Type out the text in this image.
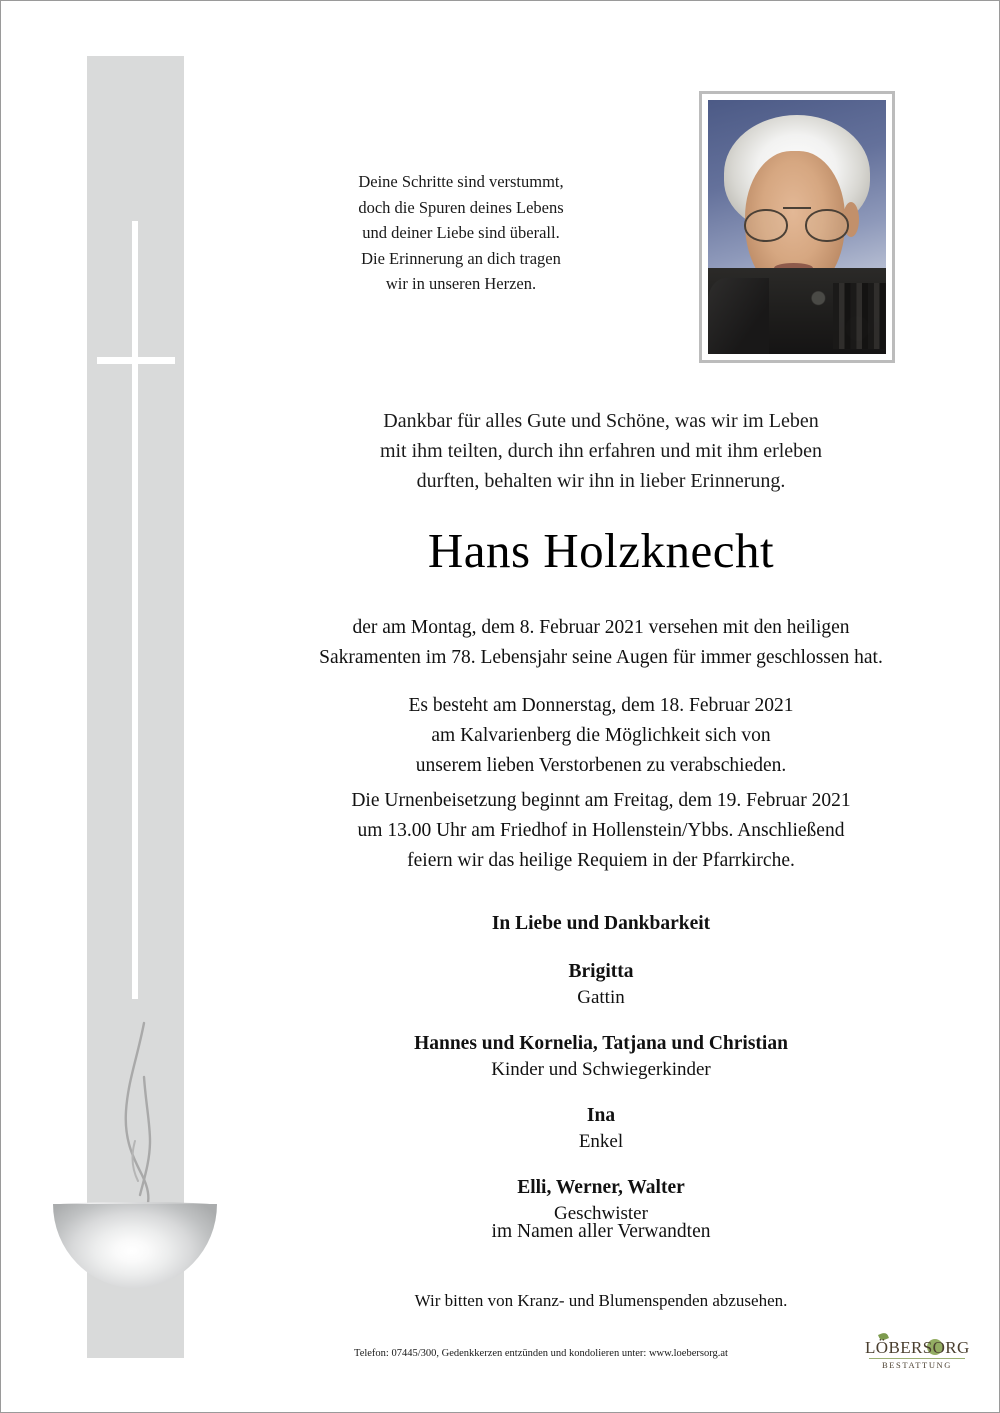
Deine Schritte sind verstummt,
doch die Spuren deines Lebens
und deiner Liebe sind überall.
Die Erinnerung an dich tragen
wir in unseren Herzen.
Dankbar für alles Gute und Schöne, was wir im Leben
mit ihm teilten, durch ihn erfahren und mit ihm erleben
durften, behalten wir ihn in lieber Erinnerung.
Hans Holzknecht
der am Montag, dem 8. Februar 2021 versehen mit den heiligen
Sakramenten im 78. Lebensjahr seine Augen für immer geschlossen hat.
Es besteht am Donnerstag, dem 18. Februar 2021
am Kalvarienberg die Möglichkeit sich von
unserem lieben Verstorbenen zu verabschieden.
Die Urnenbeisetzung beginnt am Freitag, dem 19. Februar 2021
um 13.00 Uhr am Friedhof in Hollenstein/Ybbs. Anschließend
feiern wir das heilige Requiem in der Pfarrkirche.
In Liebe und Dankbarkeit
Brigitta
Gattin
Hannes und Kornelia, Tatjana und Christian
Kinder und Schwiegerkinder
Ina
Enkel
Elli, Werner, Walter
Geschwister
im Namen aller Verwandten
Wir bitten von Kranz- und Blumenspenden abzusehen.
Telefon: 07445/300, Gedenkkerzen entzünden und kondolieren unter: www.loebersorg.at	LÖBERSORG
BESTATTUNG
